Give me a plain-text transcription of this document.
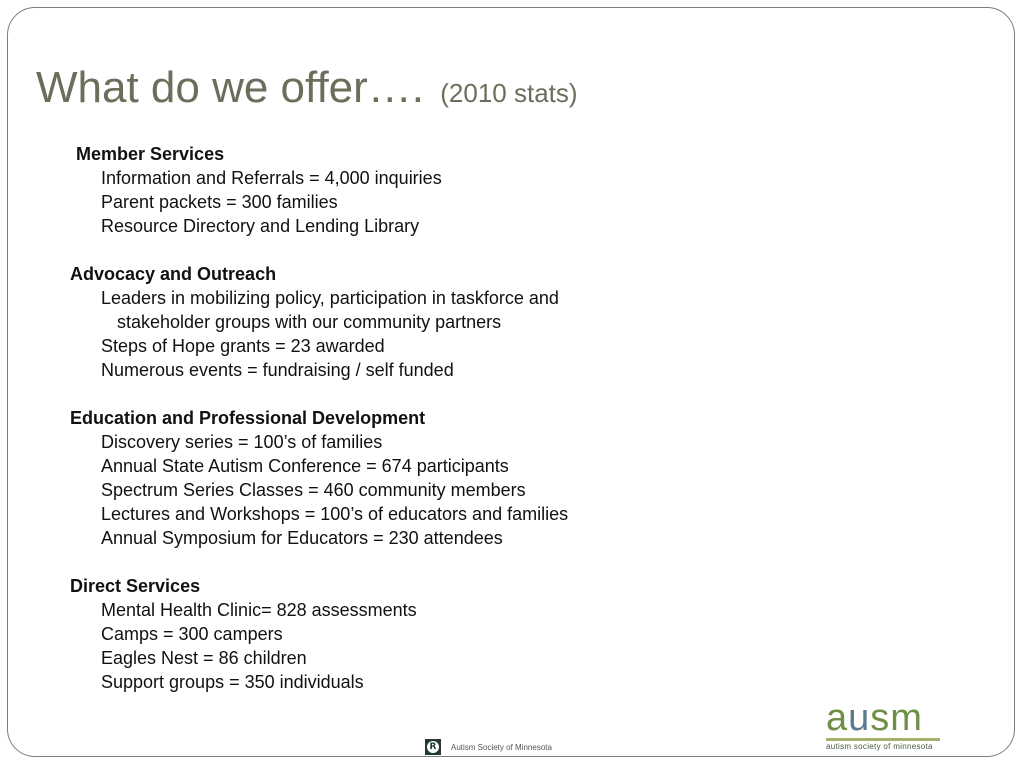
What do we offer…. (2010 stats)
Member Services
Information and Referrals = 4,000 inquiries
Parent packets = 300 families
Resource Directory and Lending Library
Advocacy and Outreach
Leaders in mobilizing policy, participation in taskforce and
stakeholder groups with our community partners
Steps of Hope grants = 23 awarded
Numerous events = fundraising / self funded
Education and Professional Development
Discovery series = 100’s of families
Annual State Autism Conference = 674 participants
Spectrum Series Classes = 460 community members
Lectures and Workshops = 100’s of educators and families
Annual Symposium for Educators = 230 attendees
Direct Services
Mental Health Clinic= 828 assessments
Camps = 300 campers
Eagles Nest = 86 children
Support groups = 350 individuals
ausm
autism society of minnesota
R	Autism Society of Minnesota
